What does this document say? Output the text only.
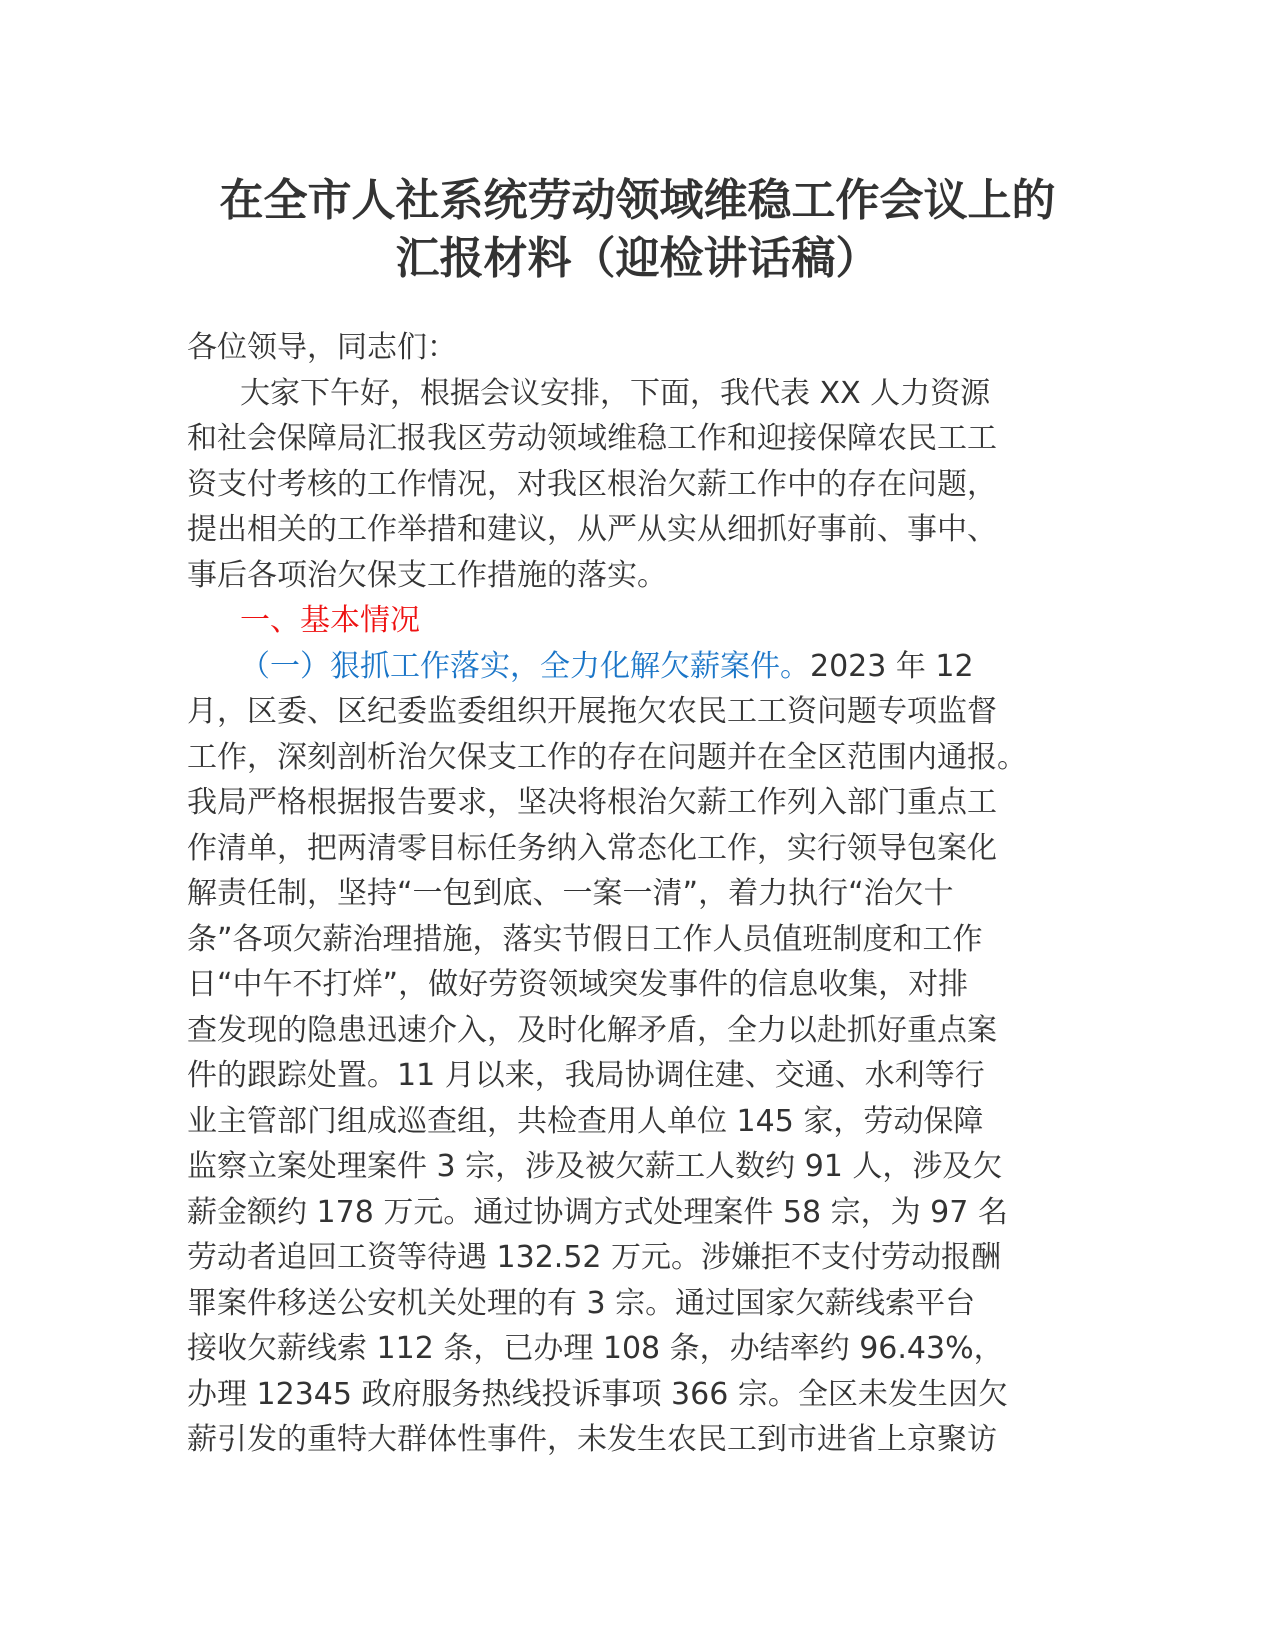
在全市人社系统劳动领域维稳工作会议上的
汇报材料（迎检讲话稿）
各位领导，同志们：
大家下午好，根据会议安排，下面，我代表 XX 人力资源
和社会保障局汇报我区劳动领域维稳工作和迎接保障农民工工
资支付考核的工作情况，对我区根治欠薪工作中的存在问题，
提出相关的工作举措和建议，从严从实从细抓好事前、事中、
事后各项治欠保支工作措施的落实。
一、基本情况
（一）狠抓工作落实，全力化解欠薪案件。2023 年 12
月，区委、区纪委监委组织开展拖欠农民工工资问题专项监督
工作，深刻剖析治欠保支工作的存在问题并在全区范围内通报。
我局严格根据报告要求，坚决将根治欠薪工作列入部门重点工
作清单，把两清零目标任务纳入常态化工作，实行领导包案化
解责任制，坚持“一包到底、一案一清”，着力执行“治欠十
条”各项欠薪治理措施，落实节假日工作人员值班制度和工作
日“中午不打烊”，做好劳资领域突发事件的信息收集，对排
查发现的隐患迅速介入，及时化解矛盾，全力以赴抓好重点案
件的跟踪处置。11 月以来，我局协调住建、交通、水利等行
业主管部门组成巡查组，共检查用人单位 145 家，劳动保障
监察立案处理案件 3 宗，涉及被欠薪工人数约 91 人，涉及欠
薪金额约 178 万元。通过协调方式处理案件 58 宗，为 97 名
劳动者追回工资等待遇 132.52 万元。涉嫌拒不支付劳动报酬
罪案件移送公安机关处理的有 3 宗。通过国家欠薪线索平台
接收欠薪线索 112 条，已办理 108 条，办结率约 96.43%，
办理 12345 政府服务热线投诉事项 366 宗。全区未发生因欠
薪引发的重特大群体性事件，未发生农民工到市进省上京聚访
